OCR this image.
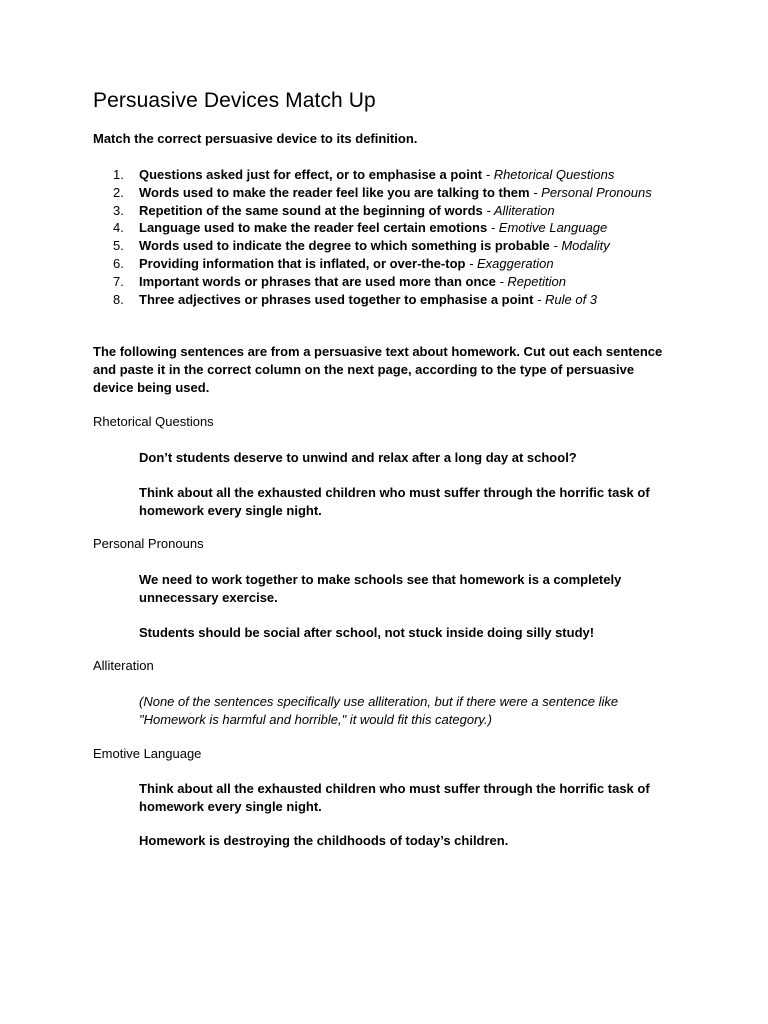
Persuasive Devices Match Up
Match the correct persuasive device to its definition.
1.	Questions asked just for effect, or to emphasise a point - Rhetorical Questions
2.	Words used to make the reader feel like you are talking to them - Personal Pronouns
3.	Repetition of the same sound at the beginning of words - Alliteration
4.	Language used to make the reader feel certain emotions - Emotive Language
5.	Words used to indicate the degree to which something is probable - Modality
6.	Providing information that is inflated, or over-the-top - Exaggeration
7.	Important words or phrases that are used more than once - Repetition
8.	Three adjectives or phrases used together to emphasise a point - Rule of 3
The following sentences are from a persuasive text about homework. Cut out each sentence and paste it in the correct column on the next page, according to the type of persuasive device being used.
Rhetorical Questions
Don’t students deserve to unwind and relax after a long day at school?
Think about all the exhausted children who must suffer through the horrific task of homework every single night.
Personal Pronouns
We need to work together to make schools see that homework is a completely unnecessary exercise.
Students should be social after school, not stuck inside doing silly study!
Alliteration
(None of the sentences specifically use alliteration, but if there were a sentence like "Homework is harmful and horrible," it would fit this category.)
Emotive Language
Think about all the exhausted children who must suffer through the horrific task of homework every single night.
Homework is destroying the childhoods of today’s children.
